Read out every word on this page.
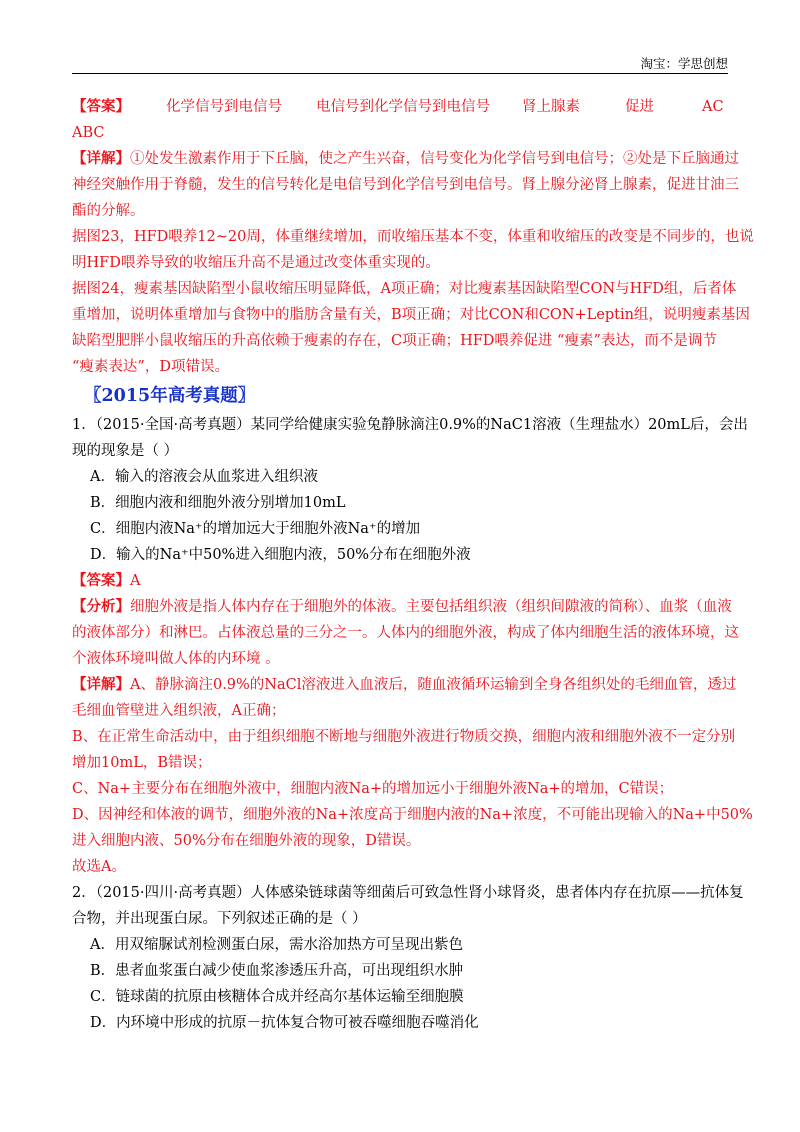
淘宝：学思创想
【答案】 化学信号到电信号 电信号到化学信号到电信号 肾上腺素	促进	AC
ABC
【详解】①处发生激素作用于下丘脑，使之产生兴奋，信号变化为化学信号到电信号；②处是下丘脑通过
神经突触作用于脊髓，发生的信号转化是电信号到化学信号到电信号。肾上腺分泌肾上腺素，促进甘油三
酯的分解。
据图23，HFD喂养12~20周，体重继续增加，而收缩压基本不变，体重和收缩压的改变是不同步的，也说
明HFD喂养导致的收缩压升高不是通过改变体重实现的。
据图24，瘦素基因缺陷型小鼠收缩压明显降低，A项正确；对比瘦素基因缺陷型CON与HFD组，后者体
重增加，说明体重增加与食物中的脂肪含量有关，B项正确；对比CON和CON+Leptin组，说明瘦素基因
缺陷型肥胖小鼠收缩压的升高依赖于瘦素的存在，C项正确；HFD喂养促进 “瘦素”表达，而不是调节
“瘦素表达”，D项错误。
〖2015年高考真题〗
1．（2015·全国·高考真题）某同学给健康实验兔静脉滴注0.9%的NaC1溶液（生理盐水）20mL后，会出
现的现象是（ ）
A．输入的溶液会从血浆进入组织液
B．细胞内液和细胞外液分别增加10mL
C．细胞内液Na⁺的增加远大于细胞外液Na⁺的增加
D．输入的Na⁺中50%进入细胞内液，50%分布在细胞外液
【答案】A
【分析】细胞外液是指人体内存在于细胞外的体液。主要包括组织液（组织间隙液的简称）、血浆（血液
的液体部分）和淋巴。占体液总量的三分之一。人体内的细胞外液，构成了体内细胞生活的液体环境，这
个液体环境叫做人体的内环境 。
【详解】A、静脉滴注0.9%的NaCl溶液进入血液后，随血液循环运输到全身各组织处的毛细血管，透过
毛细血管壁进入组织液，A正确；
B、在正常生命活动中，由于组织细胞不断地与细胞外液进行物质交换，细胞内液和细胞外液不一定分别
增加10mL，B错误；
C、Na+主要分布在细胞外液中，细胞内液Na+的增加远小于细胞外液Na+的增加，C错误；
D、因神经和体液的调节，细胞外液的Na+浓度高于细胞内液的Na+浓度，不可能出现输入的Na+中50%
进入细胞内液、50%分布在细胞外液的现象，D错误。
故选A。
2．（2015·四川·高考真题）人体感染链球菌等细菌后可致急性肾小球肾炎，患者体内存在抗原——抗体复
合物，并出现蛋白尿。下列叙述正确的是（ ）
A．用双缩脲试剂检测蛋白尿，需水浴加热方可呈现出紫色
B．患者血浆蛋白减少使血浆渗透压升高，可出现组织水肿
C．链球菌的抗原由核糖体合成并经高尔基体运输至细胞膜
D．内环境中形成的抗原－抗体复合物可被吞噬细胞吞噬消化
